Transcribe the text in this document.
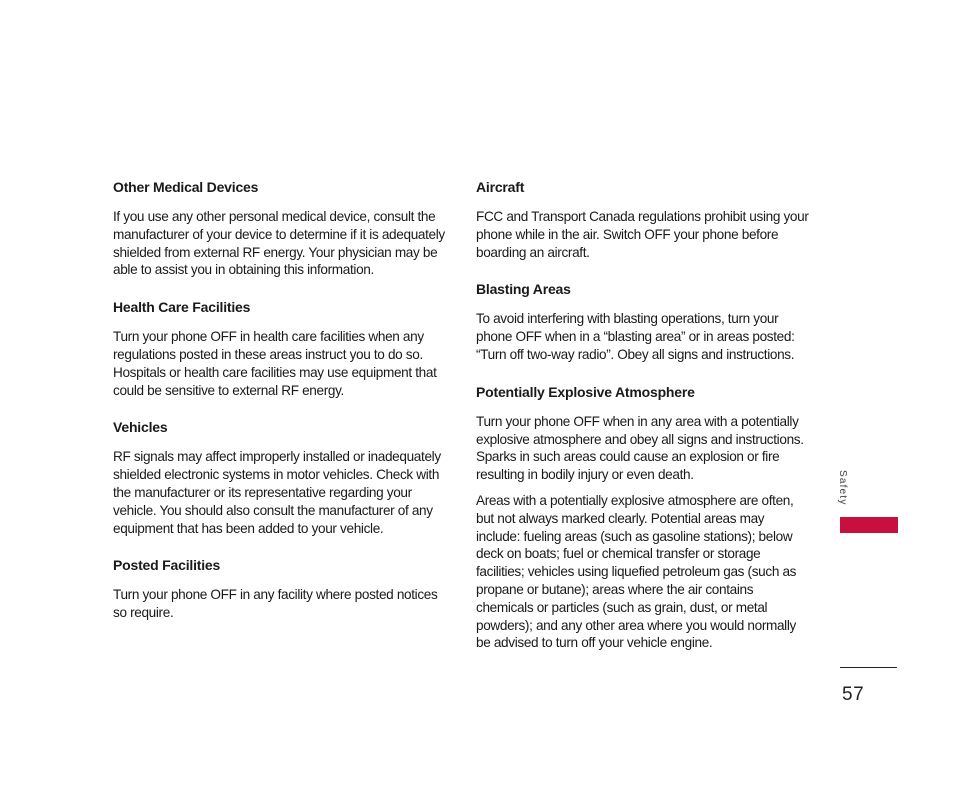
Other Medical Devices

If you use any other personal medical device, consult the manufacturer of your device to determine if it is adequately shielded from external RF energy. Your physician may be able to assist you in obtaining this information.

Health Care Facilities

Turn your phone OFF in health care facilities when any regulations posted in these areas instruct you to do so. Hospitals or health care facilities may use equipment that could be sensitive to external RF energy.

Vehicles

RF signals may affect improperly installed or inadequately shielded electronic systems in motor vehicles. Check with the manufacturer or its representative regarding your vehicle. You should also consult the manufacturer of any equipment that has been added to your vehicle.

Posted Facilities

Turn your phone OFF in any facility where posted notices so require.

Aircraft

FCC and Transport Canada regulations prohibit using your phone while in the air. Switch OFF your phone before boarding an aircraft.

Blasting Areas

To avoid interfering with blasting operations, turn your phone OFF when in a “blasting area” or in areas posted: “Turn off two-way radio”. Obey all signs and instructions.

Potentially Explosive Atmosphere

Turn your phone OFF when in any area with a potentially explosive atmosphere and obey all signs and instructions. Sparks in such areas could cause an explosion or fire resulting in bodily injury or even death.

Areas with a potentially explosive atmosphere are often, but not always marked clearly. Potential areas may include: fueling areas (such as gasoline stations); below deck on boats; fuel or chemical transfer or storage facilities; vehicles using liquefied petroleum gas (such as propane or butane); areas where the air contains chemicals or particles (such as grain, dust, or metal powders); and any other area where you would normally be advised to turn off your vehicle engine.

Safety
57
